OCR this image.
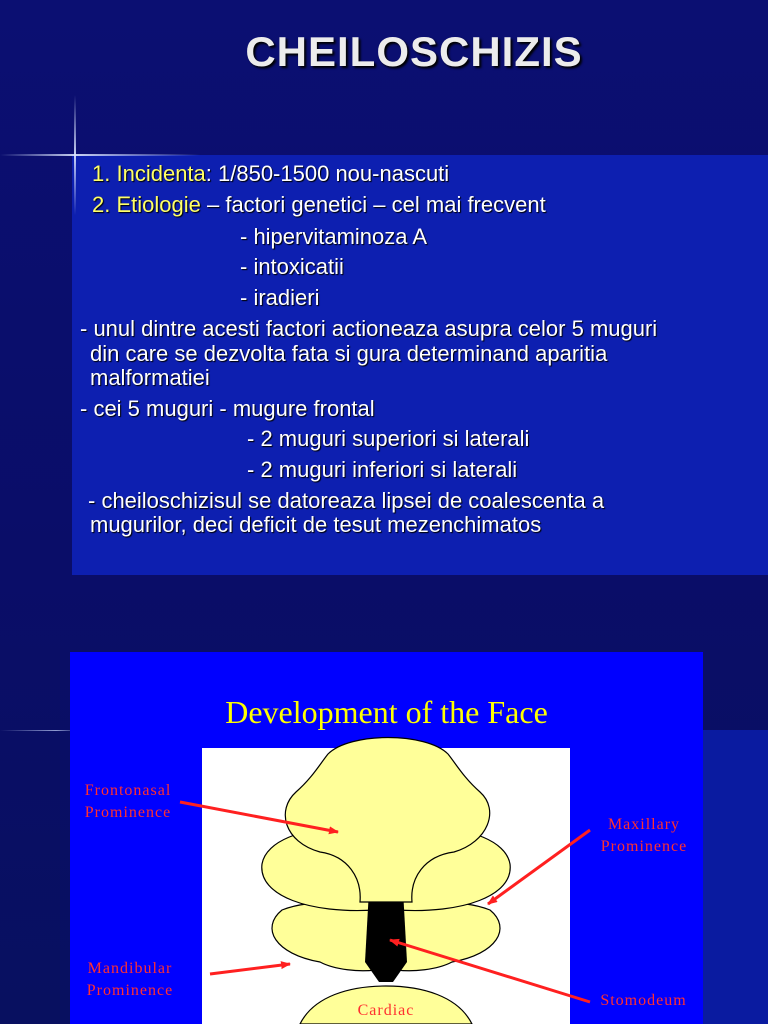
CHEILOSCHIZIS
1. Incidenta: 1/850-1500 nou-nascuti
2. Etiologie – factori genetici – cel mai frecvent
- hipervitaminoza A
- intoxicatii
- iradieri
- unul dintre acesti factori actioneaza asupra celor 5 muguri
din care se dezvolta fata si gura determinand aparitia
malformatiei
- cei 5 muguri - mugure frontal
- 2 muguri superiori si laterali
- 2 muguri inferiori si laterali
- cheiloschizisul se datoreaza lipsei de coalescenta a
mugurilor, deci deficit de tesut mezenchimatos
Development of the Face
Frontonasal
Prominence
Maxillary
Prominence
Mandibular
Prominence
Stomodeum
Cardiac
